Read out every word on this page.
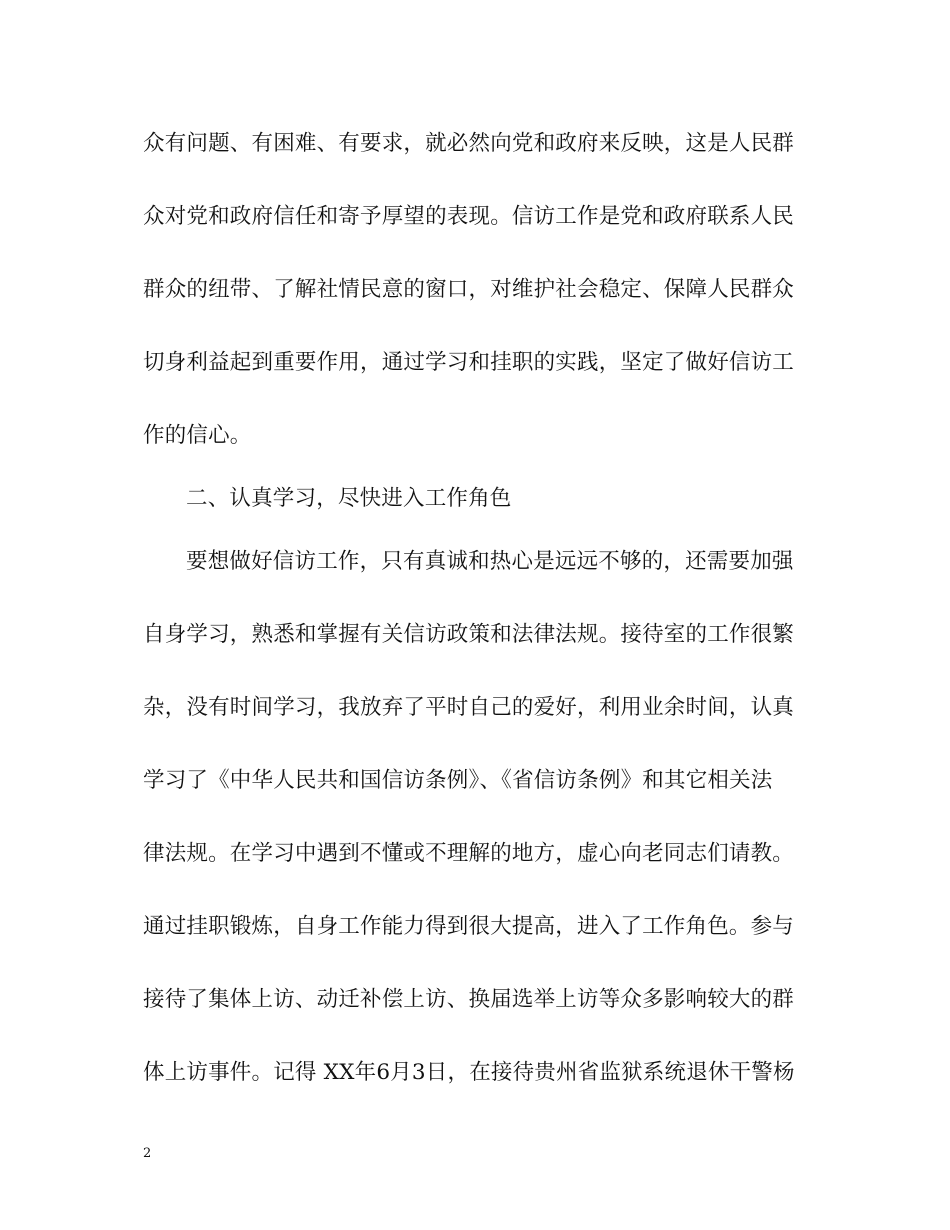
众有问题、有困难、有要求，就必然向党和政府来反映，这是人民群
众对党和政府信任和寄予厚望的表现。信访工作是党和政府联系人民
群众的纽带、了解社情民意的窗口，对维护社会稳定、保障人民群众
切身利益起到重要作用，通过学习和挂职的实践，坚定了做好信访工
作的信心。
二、认真学习，尽快进入工作角色
要想做好信访工作，只有真诚和热心是远远不够的，还需要加强
自身学习，熟悉和掌握有关信访政策和法律法规。接待室的工作很繁
杂，没有时间学习，我放弃了平时自己的爱好，利用业余时间，认真
学习了《中华人民共和国信访条例》、《省信访条例》和其它相关法
律法规。在学习中遇到不懂或不理解的地方，虚心向老同志们请教。
通过挂职锻炼，自身工作能力得到很大提高，进入了工作角色。参与
接待了集体上访、动迁补偿上访、换届选举上访等众多影响较大的群
体上访事件。记得 XX年6月3日，在接待贵州省监狱系统退休干警杨
2
